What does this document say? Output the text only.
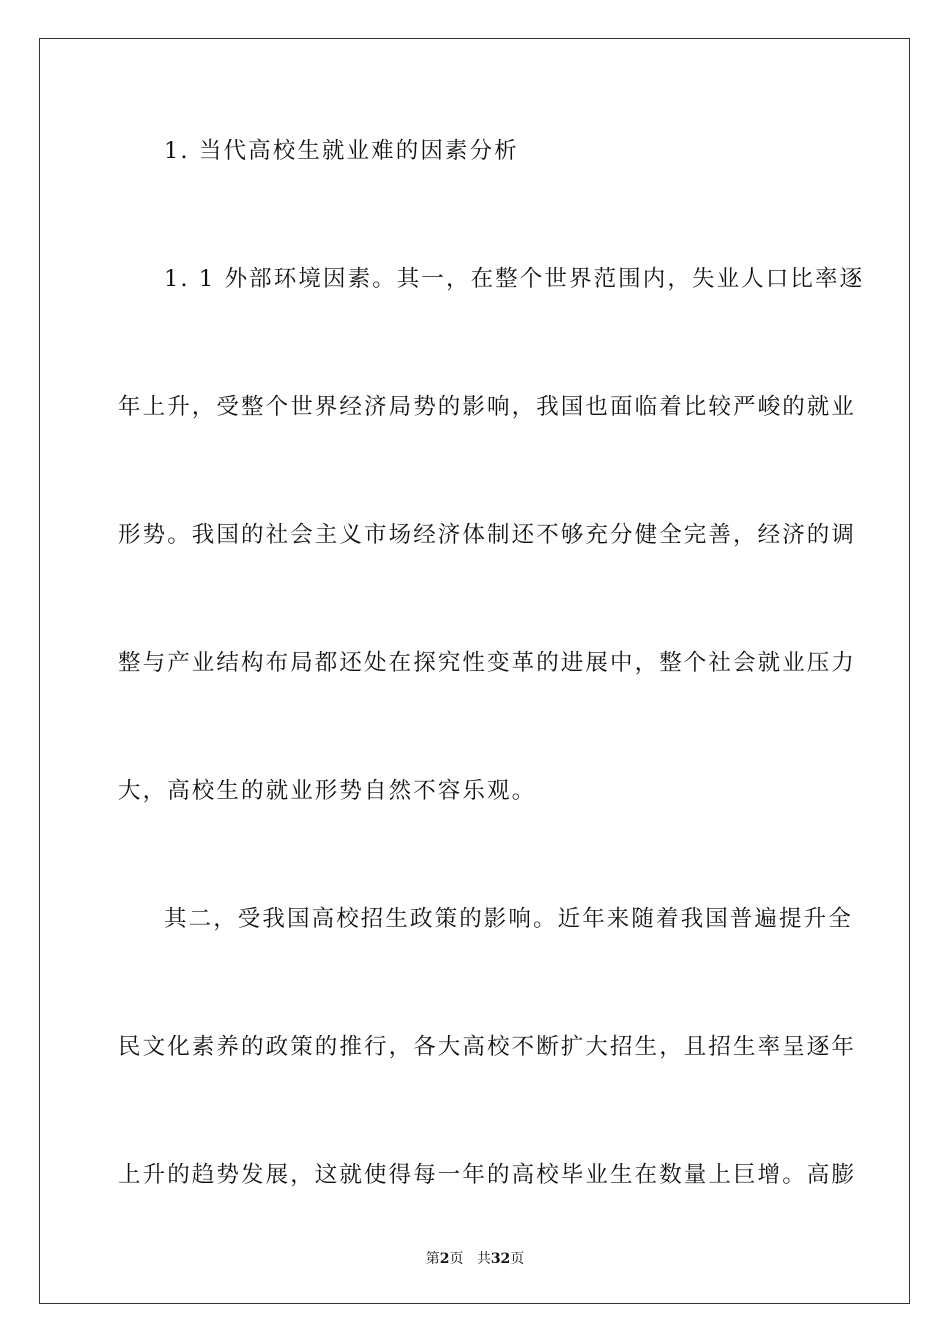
1. 当代高校生就业难的因素分析
1. 1 外部环境因素。其一，在整个世界范围内，失业人口比率逐
年上升，受整个世界经济局势的影响，我国也面临着比较严峻的就业
形势。我国的社会主义市场经济体制还不够充分健全完善，经济的调
整与产业结构布局都还处在探究性变革的进展中，整个社会就业压力
大，高校生的就业形势自然不容乐观。
其二，受我国高校招生政策的影响。近年来随着我国普遍提升全
民文化素养的政策的推行，各大高校不断扩大招生，且招生率呈逐年
上升的趋势发展，这就使得每一年的高校毕业生在数量上巨增。高膨
第2页 共32页
